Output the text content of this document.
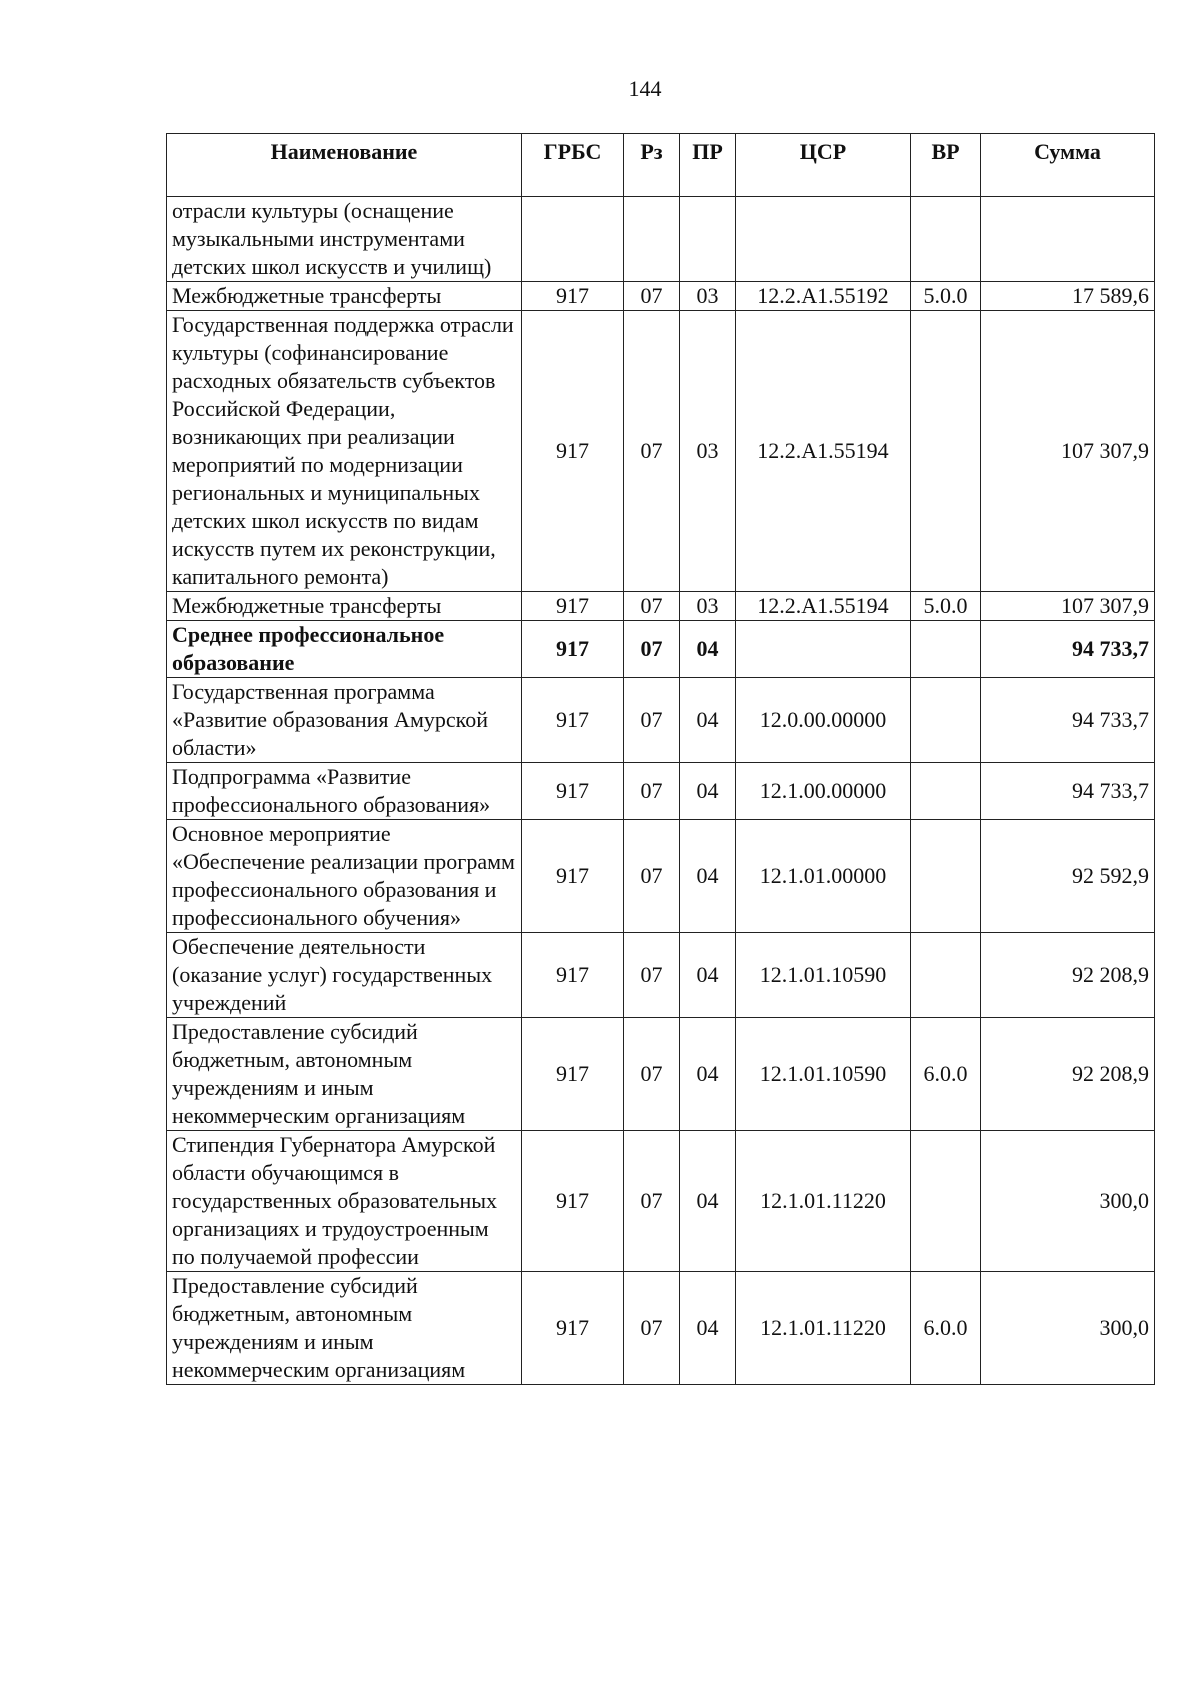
144
Наименование	ГРБС	Рз	ПР	ЦСР	ВР	Сумма
отрасли культуры (оснащение музыкальными инструментами детских школ искусств и училищ)						
Межбюджетные трансферты	917	07	03	12.2.A1.55192	5.0.0	17 589,6
Государственная поддержка отрасли культуры (софинансирование расходных обязательств субъектов Российской Федерации, возникающих при реализации мероприятий по модернизации региональных и муниципальных детских школ искусств по видам искусств путем их реконструкции, капитального ремонта)	917	07	03	12.2.A1.55194		107 307,9
Межбюджетные трансферты	917	07	03	12.2.A1.55194	5.0.0	107 307,9
Среднее профессиональное образование	917	07	04			94 733,7
Государственная программа «Развитие образования Амурской области»	917	07	04	12.0.00.00000		94 733,7
Подпрограмма «Развитие профессионального образования»	917	07	04	12.1.00.00000		94 733,7
Основное мероприятие «Обеспечение реализации программ профессионального образования и профессионального обучения»	917	07	04	12.1.01.00000		92 592,9
Обеспечение деятельности (оказание услуг) государственных учреждений	917	07	04	12.1.01.10590		92 208,9
Предоставление субсидий бюджетным, автономным учреждениям и иным некоммерческим организациям	917	07	04	12.1.01.10590	6.0.0	92 208,9
Стипендия Губернатора Амурской области обучающимся в государственных образовательных организациях и трудоустроенным по получаемой профессии	917	07	04	12.1.01.11220		300,0
Предоставление субсидий бюджетным, автономным учреждениям и иным некоммерческим организациям	917	07	04	12.1.01.11220	6.0.0	300,0
